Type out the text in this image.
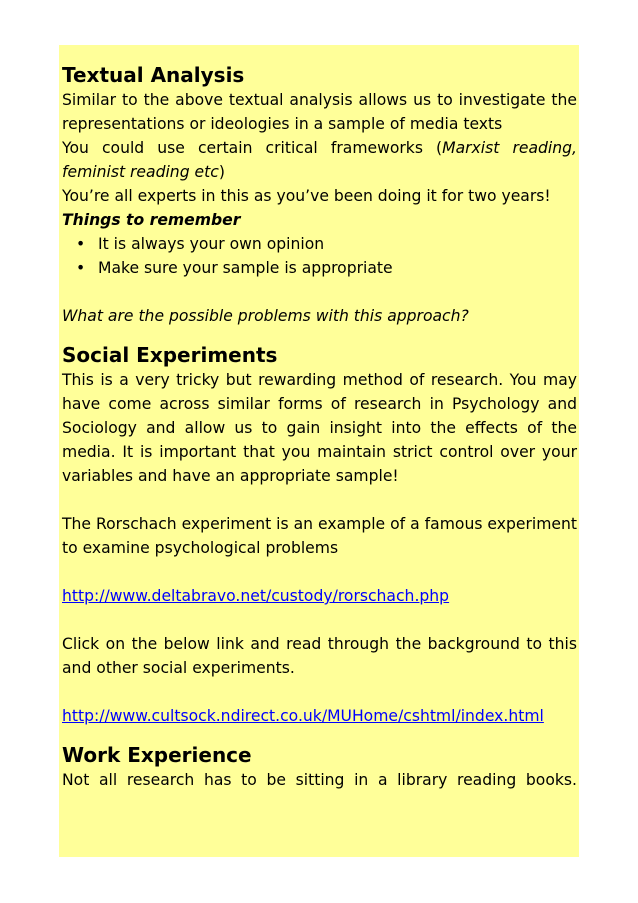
Textual Analysis

Similar to the above textual analysis allows us to investigate the

representations or ideologies in a sample of media texts

You could use certain critical frameworks (Marxist reading,

feminist reading etc)

You’re all experts in this as you’ve been doing it for two years!

Things to remember

• It is always your own opinion
• Make sure your sample is appropriate

What are the possible problems with this approach?

Social Experiments

This is a very tricky but rewarding method of research. You may have come across similar forms of research in Psychology and Sociology and allow us to gain insight into the effects of the media. It is important that you maintain strict control over your variables and have an appropriate sample!

The Rorschach experiment is an example of a famous experiment to examine psychological problems

http://www.deltabravo.net/custody/rorschach.php

Click on the below link and read through the background to this and other social experiments.

http://www.cultsock.ndirect.co.uk/MUHome/cshtml/index.html

Work Experience

Not all research has to be sitting in a library reading books.
